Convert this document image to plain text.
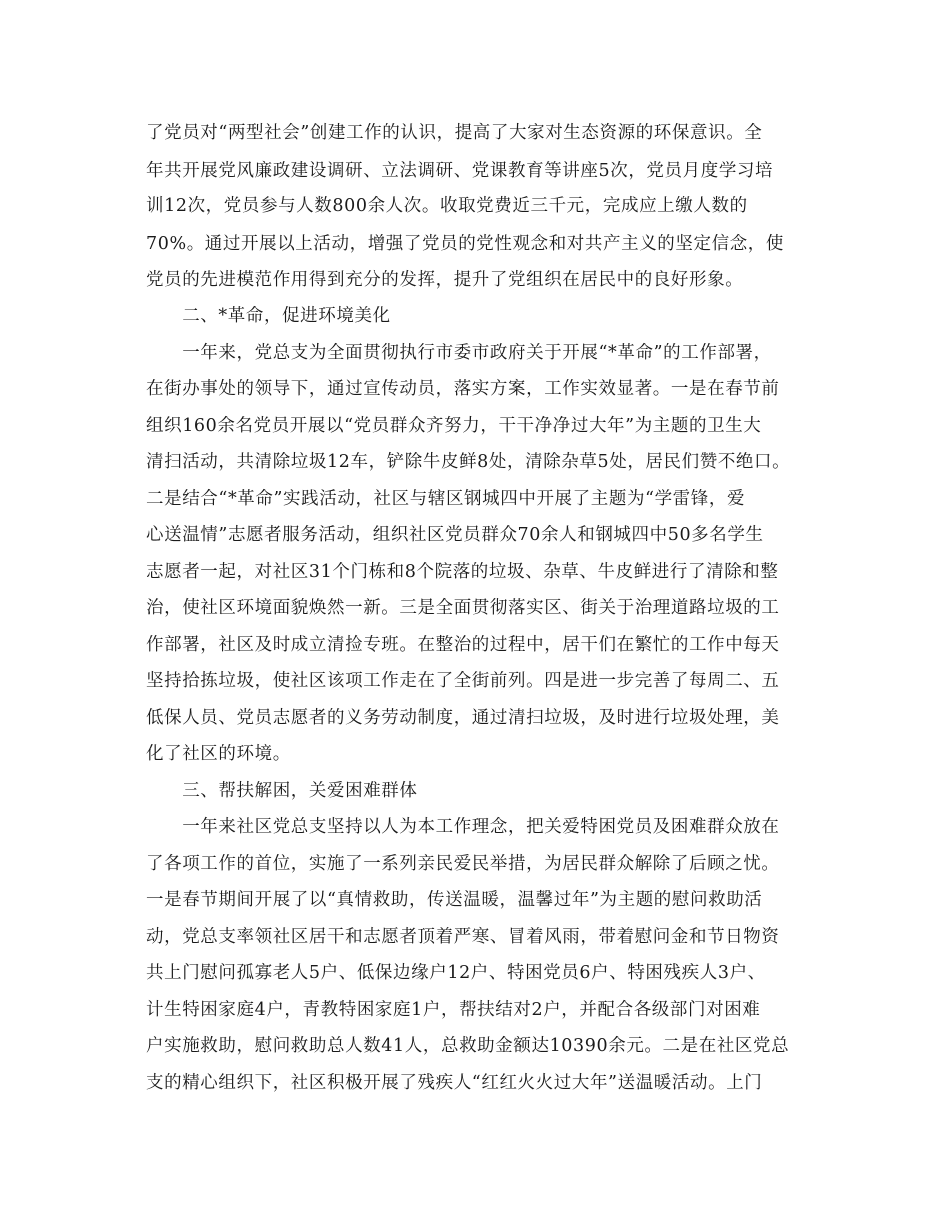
了党员对“两型社会”创建工作的认识，提高了大家对生态资源的环保意识。全
年共开展党风廉政建设调研、立法调研、党课教育等讲座5次，党员月度学习培
训12次，党员参与人数800余人次。收取党费近三千元，完成应上缴人数的
70%。通过开展以上活动，增强了党员的党性观念和对共产主义的坚定信念，使
党员的先进模范作用得到充分的发挥，提升了党组织在居民中的良好形象。
　　二、*革命，促进环境美化
　　一年来，党总支为全面贯彻执行市委市政府关于开展“*革命”的工作部署，
在街办事处的领导下，通过宣传动员，落实方案，工作实效显著。一是在春节前
组织160余名党员开展以“党员群众齐努力，干干净净过大年”为主题的卫生大
清扫活动，共清除垃圾12车，铲除牛皮鲜8处，清除杂草5处，居民们赞不绝口。
二是结合“*革命”实践活动，社区与辖区钢城四中开展了主题为“学雷锋，爱
心送温情”志愿者服务活动，组织社区党员群众70余人和钢城四中50多名学生
志愿者一起，对社区31个门栋和8个院落的垃圾、杂草、牛皮鲜进行了清除和整
治，使社区环境面貌焕然一新。三是全面贯彻落实区、街关于治理道路垃圾的工
作部署，社区及时成立清捡专班。在整治的过程中，居干们在繁忙的工作中每天
坚持拾拣垃圾，使社区该项工作走在了全街前列。四是进一步完善了每周二、五
低保人员、党员志愿者的义务劳动制度，通过清扫垃圾，及时进行垃圾处理，美
化了社区的环境。
　　三、帮扶解困，关爱困难群体
　　一年来社区党总支坚持以人为本工作理念，把关爱特困党员及困难群众放在
了各项工作的首位，实施了一系列亲民爱民举措，为居民群众解除了后顾之忧。
一是春节期间开展了以“真情救助，传送温暖，温馨过年”为主题的慰问救助活
动，党总支率领社区居干和志愿者顶着严寒、冒着风雨，带着慰问金和节日物资
共上门慰问孤寡老人5户、低保边缘户12户、特困党员6户、特困残疾人3户、
计生特困家庭4户，青教特困家庭1户，帮扶结对2户，并配合各级部门对困难
户实施救助，慰问救助总人数41人，总救助金额达10390余元。二是在社区党总
支的精心组织下，社区积极开展了残疾人“红红火火过大年”送温暖活动。上门
